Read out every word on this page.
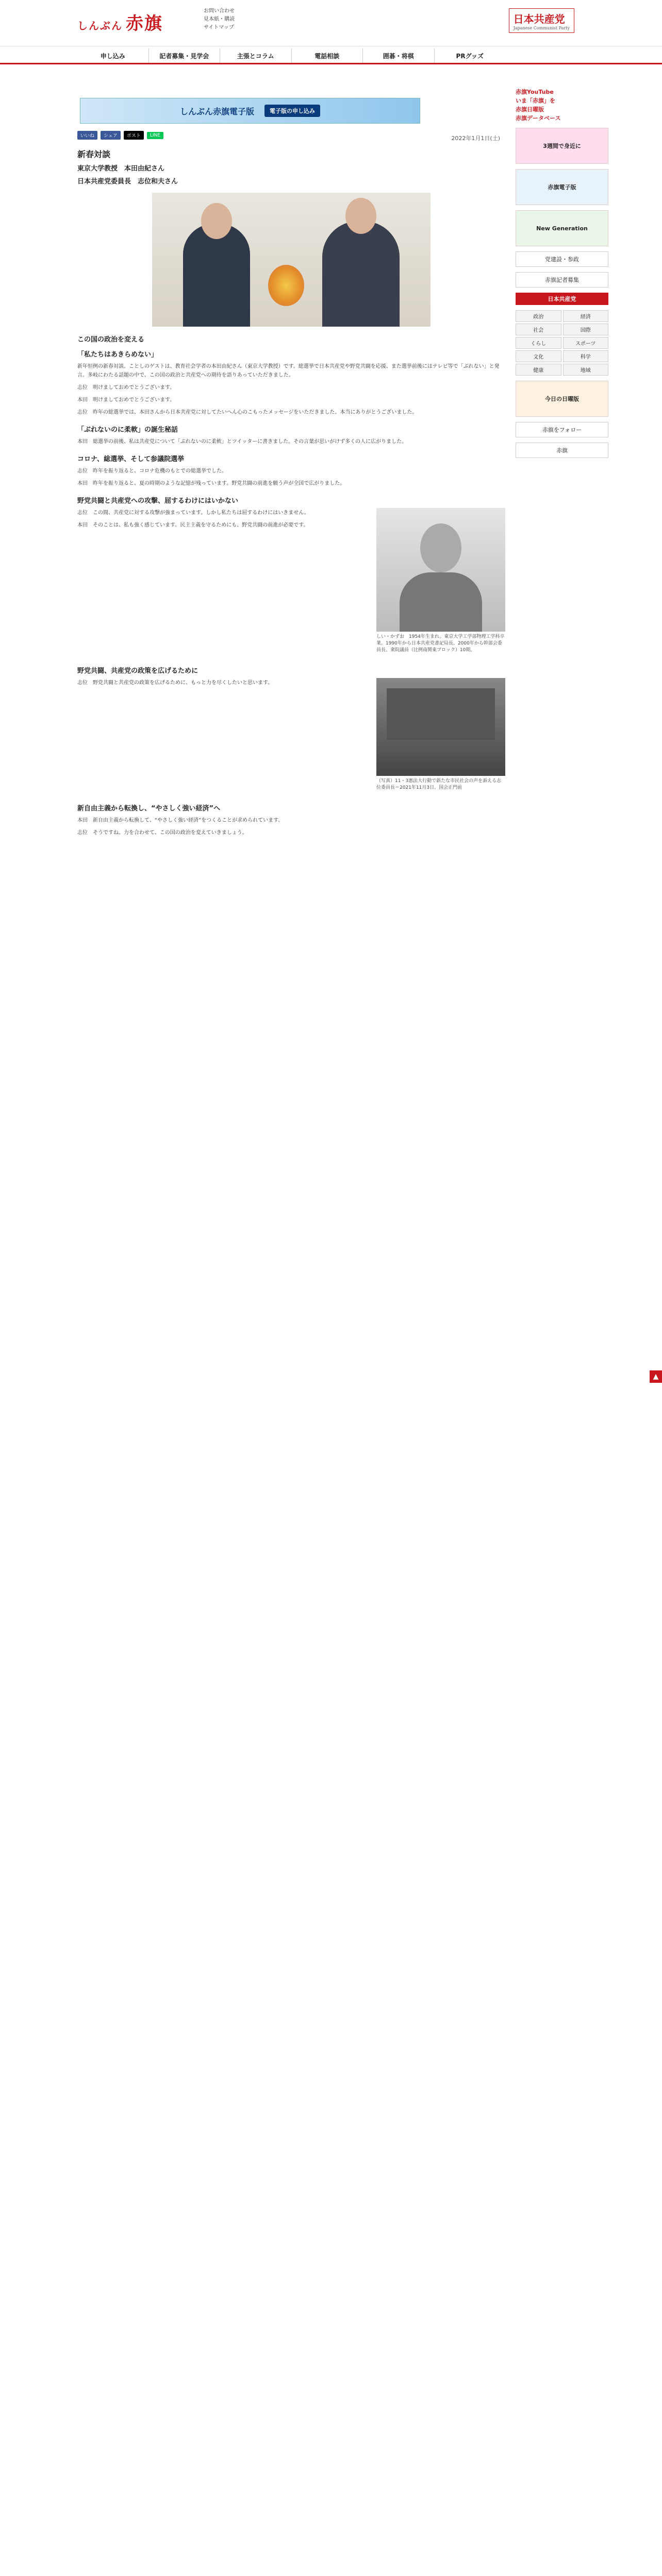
しんぶん 赤旗
お問い合わせ
見本紙・購読
サイトマップ
日本共産党
Japanese Communist Party
申し込み	記者募集・見学会	主張とコラム	電話相談	囲碁・将棋	PRグッズ
しんぶん赤旗電子版	電子版の申し込み
いいね	シェア	ポスト	LINE	2022年1月1日(土)
新春対談
東京大学教授　本田由紀さん
日本共産党委員長　志位和夫さん
この国の政治を変える
「私たちはあきらめない」

新年恒例の新春対談。ことしのゲストは、教育社会学者の本田由紀さん（東京大学教授）です。総選挙で日本共産党や野党共闘を応援、また選挙前後にはテレビ等で「ぶれない」と発言。多岐にわたる話題の中で、この国の政治と共産党への期待を語りあっていただきました。

志位　明けましておめでとうございます。

本田　明けましておめでとうございます。

志位　昨年の総選挙では、本田さんから日本共産党に対してたいへん心のこもったメッセージをいただきました。本当にありがとうございました。

「ぶれないのに柔軟」の誕生秘話

本田　総選挙の前後、私は共産党について「ぶれないのに柔軟」とツイッターに書きました。その言葉が思いがけず多くの人に広がりました。

コロナ、総選挙、そして参議院選挙

志位　昨年を振り返ると、コロナ危機のもとでの総選挙でした。

本田　昨年を振り返ると、夏の時期のような記憶が残っています。野党共闘の前進を願う声が全国で広がりました。

野党共闘と共産党への攻撃、屈するわけにはいかない
しい・かずお　1954年生まれ。東京大学工学部物理工学科卒業。1990年から日本共産党書記局長、2000年から幹部会委員長、衆院議員（比例南関東ブロック）10期。

志位　この間、共産党に対する攻撃が強まっています。しかし私たちは屈するわけにはいきません。

本田　そのことは、私も強く感じています。民主主義を守るためにも、野党共闘の前進が必要です。

野党共闘、共産党の政策を広げるために
（写真）11・3憲法大行動で新たな市民社会の声を訴える志位委員長＝2021年11月3日、国会正門前

志位　野党共闘と共産党の政策を広げるために、もっと力を尽くしたいと思います。

新自由主義から転換し、“やさしく強い経済”へ

本田　新自由主義から転換して、“やさしく強い経済”をつくることが求められています。

志位　そうですね。力を合わせて、この国の政治を変えていきましょう。

赤旗YouTube
いま「赤旗」を
赤旗日曜版
赤旗データベース
3週間で身近に
赤旗電子版
New Generation
党建設・参政
赤旗記者募集
日本共産党
政治	経済
社会	国際
くらし	スポーツ
文化	科学
健康	地域
今日の日曜版
赤旗をフォロー
赤旗
▲
